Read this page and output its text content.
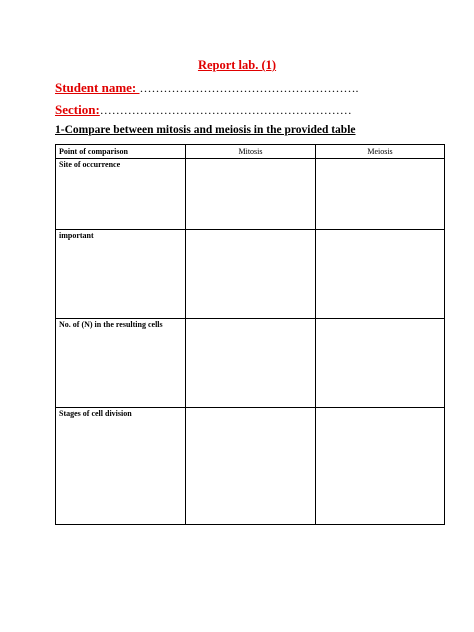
Report lab. (1)
Student name: ……………………………………………….
Section:………………………………………………………
1-Compare between mitosis and meiosis in the provided table
Point of comparison	Mitosis	Meiosis
Site of occurrence		
important		
No. of (N) in the resulting cells		
Stages of cell division		
